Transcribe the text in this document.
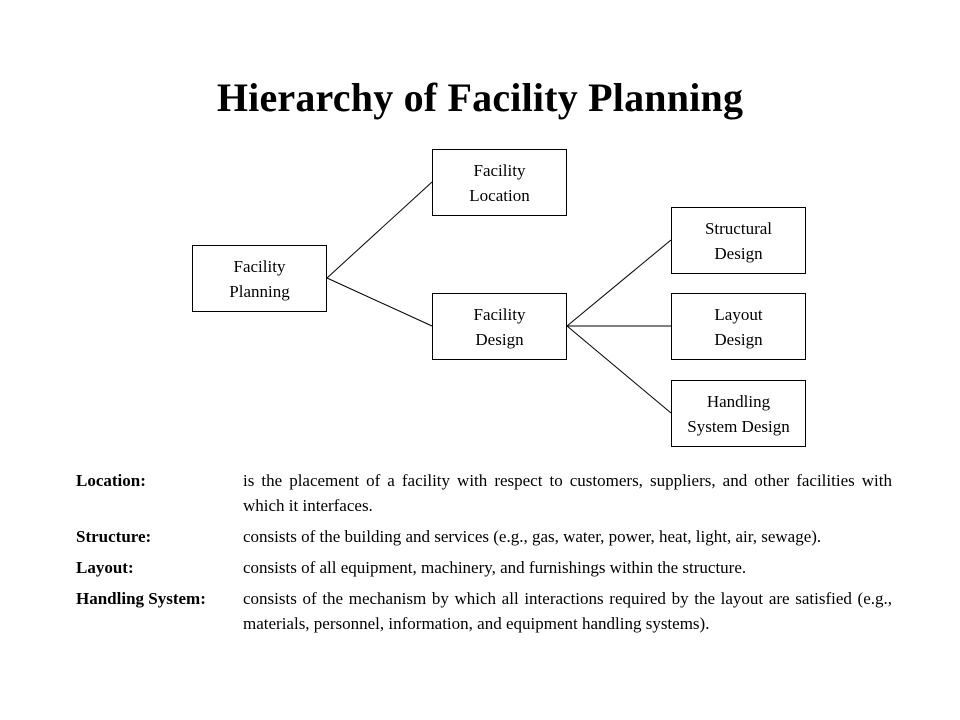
Hierarchy of Facility Planning
Facility
Planning
Facility
Location
Facility
Design
Structural
Design
Layout
Design
Handling
System Design
Location:	is the placement of a facility with respect to customers, suppliers, and other facilities with which it interfaces.
Structure:	consists of the building and services (e.g., gas, water, power, heat, light, air, sewage).
Layout:	consists of all equipment, machinery, and furnishings within the structure.
Handling System:	consists of the mechanism by which all interactions required by the layout are satisfied (e.g., materials, personnel, information, and equipment handling systems).
